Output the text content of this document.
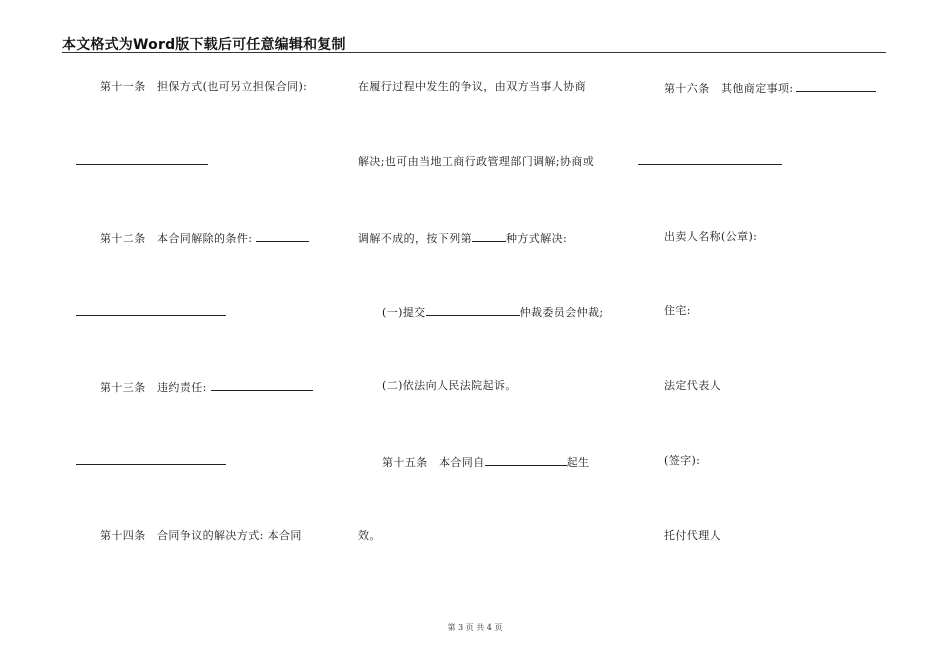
本文格式为Word版下载后可任意编辑和复制
第十一条　担保方式(也可另立担保合同):
第十二条　本合同解除的条件:
第十三条　违约责任:
第十四条　合同争议的解决方式: 本合同
在履行过程中发生的争议，由双方当事人协商
解决;也可由当地工商行政管理部门调解;协商或
调解不成的，按下列第	种方式解决:
(一)提交	仲裁委员会仲裁;
(二)依法向人民法院起诉。
第十五条　本合同自	起生
效。
第十六条　其他商定事项:
出卖人名称(公章):
住宅:
法定代表人
(签字):
托付代理人
第 3 页 共 4 页
